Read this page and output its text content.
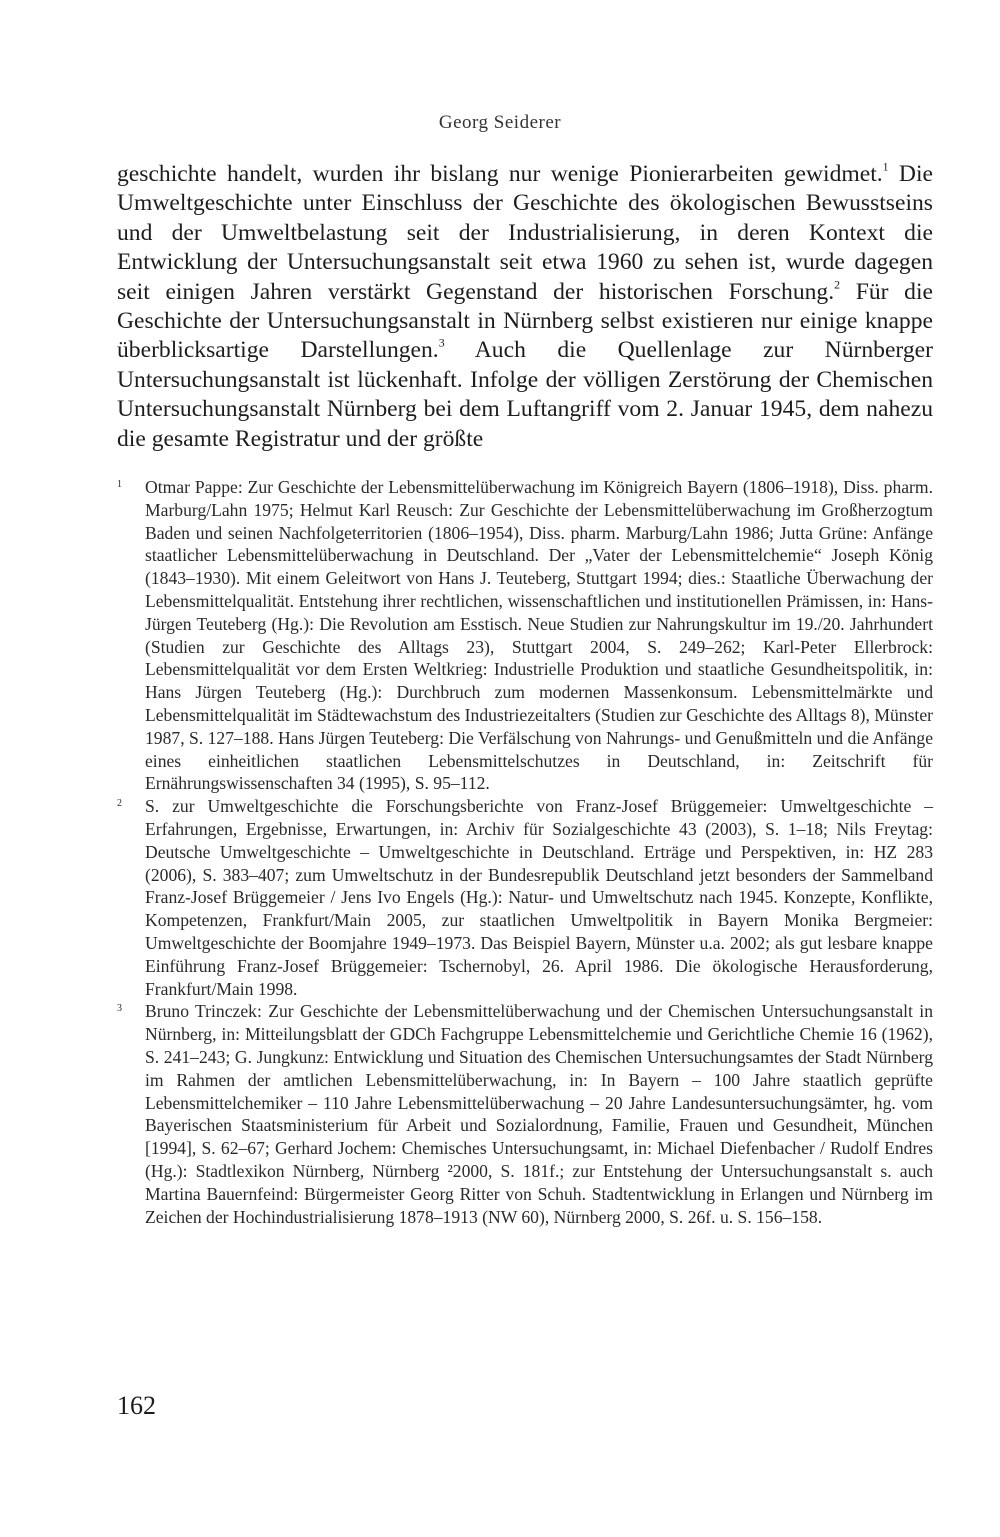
Georg Seiderer

geschichte handelt, wurden ihr bislang nur wenige Pionierarbeiten gewidmet.$^1$ Die Umweltgeschichte unter Einschluss der Geschichte des ökologischen Bewusstseins und der Umweltbelastung seit der Industrialisierung, in deren Kontext die Entwicklung der Untersuchungsanstalt seit etwa 1960 zu sehen ist, wurde dagegen seit einigen Jahren verstärkt Gegenstand der historischen Forschung.$^2$ Für die Geschichte der Untersuchungsanstalt in Nürnberg selbst existieren nur einige knappe überblicksartige Darstellungen.$^3$ Auch die Quellenlage zur Nürnberger Untersuchungsanstalt ist lückenhaft. Infolge der völligen Zerstörung der Chemischen Untersuchungsanstalt Nürnberg bei dem Luftangriff vom 2. Januar 1945, dem nahezu die gesamte Registratur und der größte

1 Otmar Pappe: Zur Geschichte der Lebensmittelüberwachung im Königreich Bayern (1806–1918), Diss. pharm. Marburg/Lahn 1975; Helmut Karl Reusch: Zur Geschichte der Lebensmittelüberwachung im Großherzogtum Baden und seinen Nachfolgeterritorien (1806–1954), Diss. pharm. Marburg/Lahn 1986; Jutta Grüne: Anfänge staatlicher Lebensmittelüberwachung in Deutschland. Der „Vater der Lebensmittelchemie“ Joseph König (1843–1930). Mit einem Geleitwort von Hans J. Teuteberg, Stuttgart 1994; dies.: Staatliche Überwachung der Lebensmittelqualität. Entstehung ihrer rechtlichen, wissenschaftlichen und institutionellen Prämissen, in: Hans-Jürgen Teuteberg (Hg.): Die Revolution am Esstisch. Neue Studien zur Nahrungskultur im 19./20. Jahrhundert (Studien zur Geschichte des Alltags 23), Stuttgart 2004, S. 249–262; Karl-Peter Ellerbrock: Lebensmittelqualität vor dem Ersten Weltkrieg: Industrielle Produktion und staatliche Gesundheitspolitik, in: Hans Jürgen Teuteberg (Hg.): Durchbruch zum modernen Massenkonsum. Lebensmittelmärkte und Lebensmittelqualität im Städtewachstum des Industriezeitalters (Studien zur Geschichte des Alltags 8), Münster 1987, S. 127–188. Hans Jürgen Teuteberg: Die Verfälschung von Nahrungs- und Genußmitteln und die Anfänge eines einheitlichen staatlichen Lebensmittelschutzes in Deutschland, in: Zeitschrift für Ernährungswissenschaften 34 (1995), S. 95–112.
2 S. zur Umweltgeschichte die Forschungsberichte von Franz-Josef Brüggemeier: Umweltgeschichte – Erfahrungen, Ergebnisse, Erwartungen, in: Archiv für Sozialgeschichte 43 (2003), S. 1–18; Nils Freytag: Deutsche Umweltgeschichte – Umweltgeschichte in Deutschland. Erträge und Perspektiven, in: HZ 283 (2006), S. 383–407; zum Umweltschutz in der Bundesrepublik Deutschland jetzt besonders der Sammelband Franz-Josef Brüggemeier / Jens Ivo Engels (Hg.): Natur- und Umweltschutz nach 1945. Konzepte, Konflikte, Kompetenzen, Frankfurt/Main 2005, zur staatlichen Umweltpolitik in Bayern Monika Bergmeier: Umweltgeschichte der Boomjahre 1949–1973. Das Beispiel Bayern, Münster u.a. 2002; als gut lesbare knappe Einführung Franz-Josef Brüggemeier: Tschernobyl, 26. April 1986. Die ökologische Herausforderung, Frankfurt/Main 1998.
3 Bruno Trinczek: Zur Geschichte der Lebensmittelüberwachung und der Chemischen Untersuchungsanstalt in Nürnberg, in: Mitteilungsblatt der GDCh Fachgruppe Lebensmittelchemie und Gerichtliche Chemie 16 (1962), S. 241–243; G. Jungkunz: Entwicklung und Situation des Chemischen Untersuchungsamtes der Stadt Nürnberg im Rahmen der amtlichen Lebensmittelüberwachung, in: In Bayern – 100 Jahre staatlich geprüfte Lebensmittelchemiker – 110 Jahre Lebensmittelüberwachung – 20 Jahre Landesuntersuchungsämter, hg. vom Bayerischen Staatsministerium für Arbeit und Sozialordnung, Familie, Frauen und Gesundheit, München [1994], S. 62–67; Gerhard Jochem: Chemisches Untersuchungsamt, in: Michael Diefenbacher / Rudolf Endres (Hg.): Stadtlexikon Nürnberg, Nürnberg ²2000, S. 181f.; zur Entstehung der Untersuchungsanstalt s. auch Martina Bauernfeind: Bürgermeister Georg Ritter von Schuh. Stadtentwicklung in Erlangen und Nürnberg im Zeichen der Hochindustrialisierung 1878–1913 (NW 60), Nürnberg 2000, S. 26f. u. S. 156–158.
162
